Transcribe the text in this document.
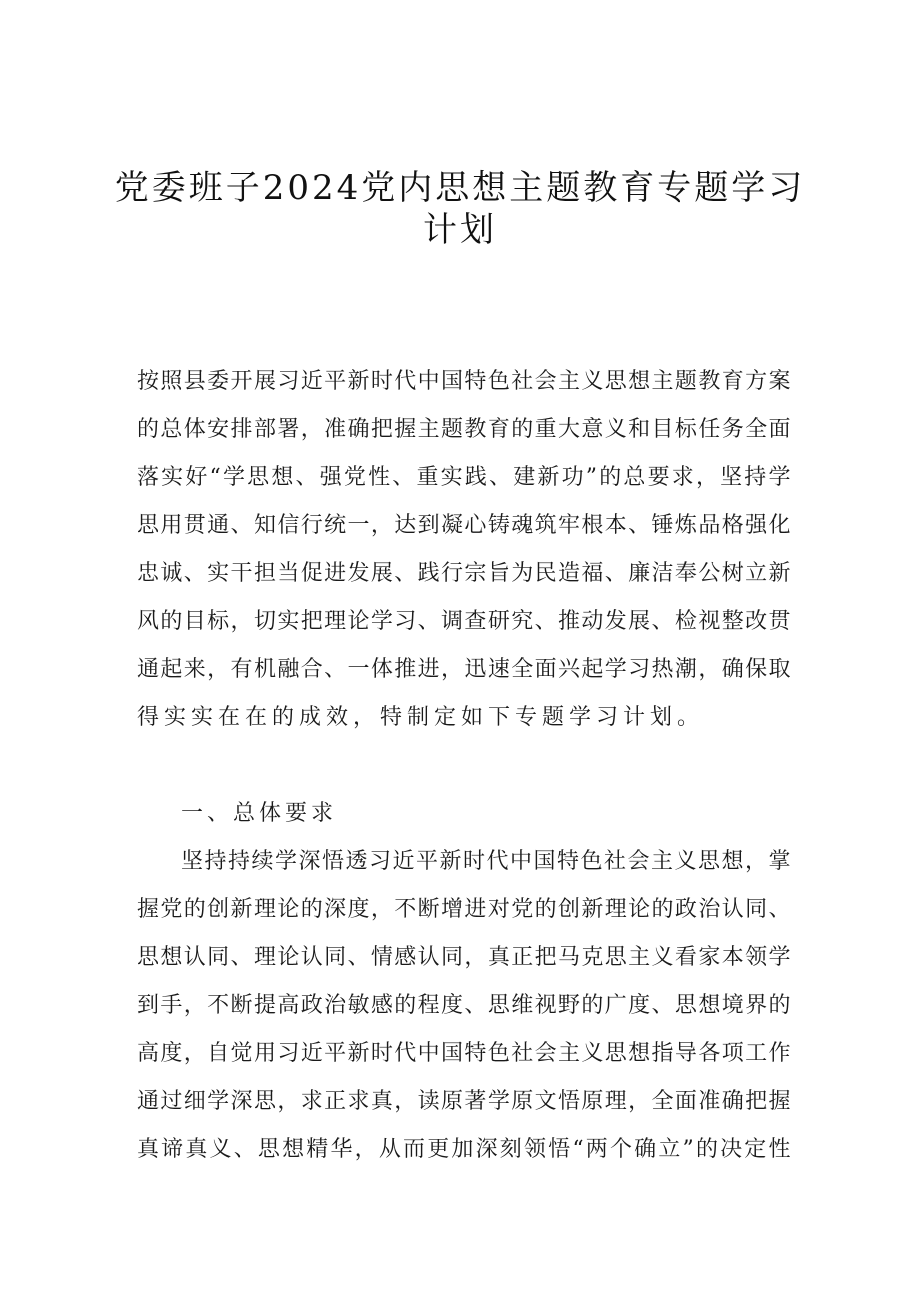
党委班子2024党内思想主题教育专题学习
计划
按照县委开展习近平新时代中国特色社会主义思想主题教育方案
的总体安排部署，准确把握主题教育的重大意义和目标任务全面
落实好“学思想、强党性、重实践、建新功”的总要求，坚持学
思用贯通、知信行统一，达到凝心铸魂筑牢根本、锤炼品格强化
忠诚、实干担当促进发展、践行宗旨为民造福、廉洁奉公树立新
风的目标，切实把理论学习、调查研究、推动发展、检视整改贯
通起来，有机融合、一体推进，迅速全面兴起学习热潮，确保取
得实实在在的成效，特制定如下专题学习计划。
一、总体要求
坚持持续学深悟透习近平新时代中国特色社会主义思想，掌
握党的创新理论的深度，不断增进对党的创新理论的政治认同、
思想认同、理论认同、情感认同，真正把马克思主义看家本领学
到手，不断提高政治敏感的程度、思维视野的广度、思想境界的
高度，自觉用习近平新时代中国特色社会主义思想指导各项工作
通过细学深思，求正求真，读原著学原文悟原理，全面准确把握
真谛真义、思想精华，从而更加深刻领悟“两个确立”的决定性
